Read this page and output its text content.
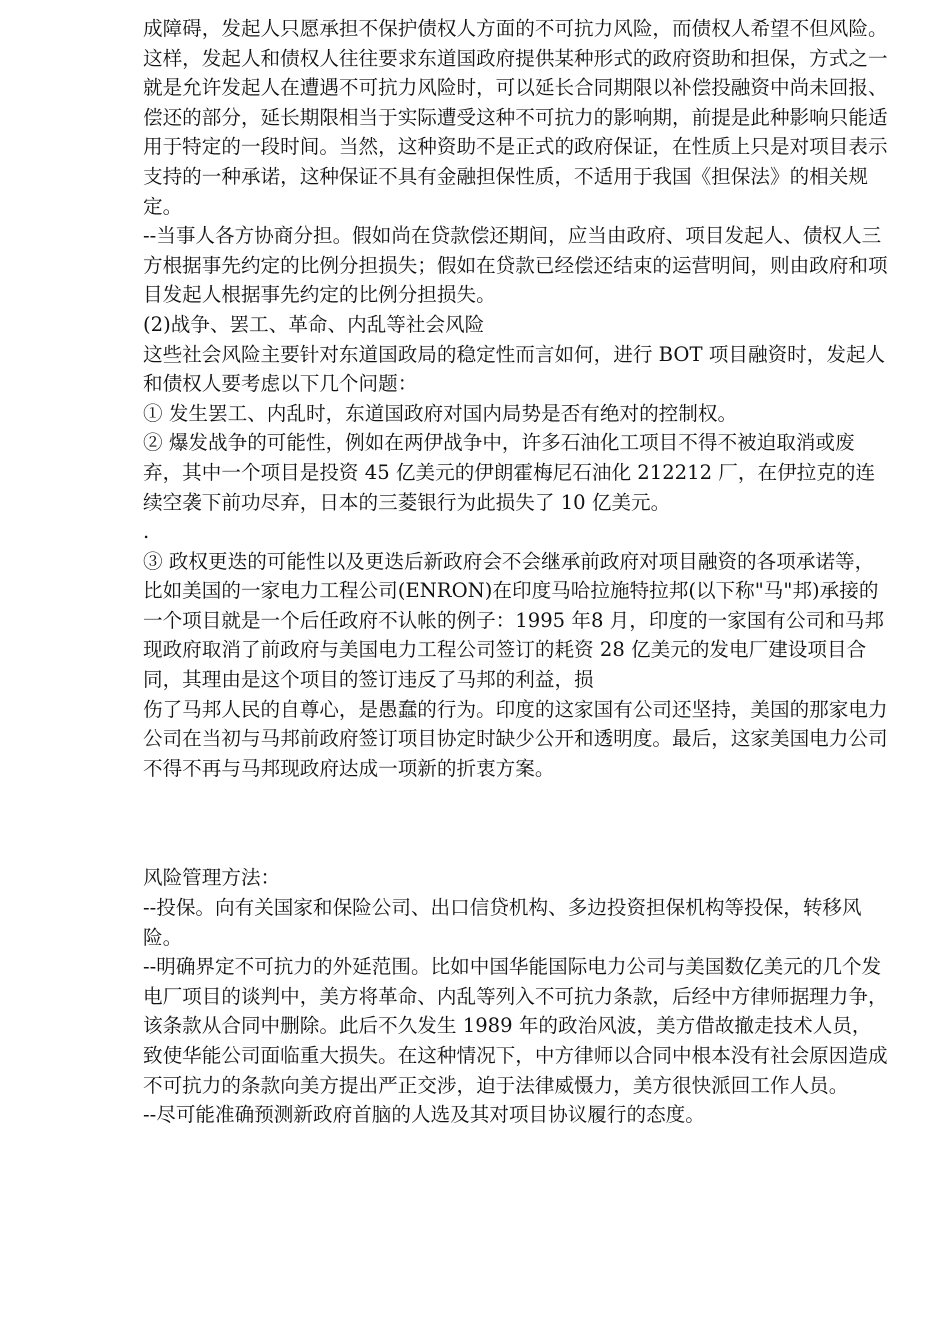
成障碍，发起人只愿承担不保护债权人方面的不可抗力风险，而债权人希望不但风险。这样，发起人和债权人往往要求东道国政府提供某种形式的政府资助和担保，方式之一就是允许发起人在遭遇不可抗力风险时，可以延长合同期限以补偿投融资中尚未回报、偿还的部分，延长期限相当于实际遭受这种不可抗力的影响期，前提是此种影响只能适用于特定的一段时间。当然，这种资助不是正式的政府保证，在性质上只是对项目表示支持的一种承诺，这种保证不具有金融担保性质，不适用于我国《担保法》的相关规定。

--当事人各方协商分担。假如尚在贷款偿还期间，应当由政府、项目发起人、债权人三方根据事先约定的比例分担损失；假如在贷款已经偿还结束的运营明间，则由政府和项目发起人根据事先约定的比例分担损失。

(2)战争、罢工、革命、内乱等社会风险

这些社会风险主要针对东道国政局的稳定性而言如何，进行 BOT 项目融资时，发起人和债权人要考虑以下几个问题：

① 发生罢工、内乱时，东道国政府对国内局势是否有绝对的控制权。

② 爆发战争的可能性，例如在两伊战争中，许多石油化工项目不得不被迫取消或废弃，其中一个项目是投资 45 亿美元的伊朗霍梅尼石油化 212212 厂，在伊拉克的连续空袭下前功尽弃，日本的三菱银行为此损失了 10 亿美元。

.

③ 政权更迭的可能性以及更迭后新政府会不会继承前政府对项目融资的各项承诺等，比如美国的一家电力工程公司(ENRON)在印度马哈拉施特拉邦(以下称"马"邦)承接的一个项目就是一个后任政府不认帐的例子：1995 年8 月，印度的一家国有公司和马邦现政府取消了前政府与美国电力工程公司签订的耗资 28 亿美元的发电厂建设项目合同，其理由是这个项目的签订违反了马邦的利益，损

伤了马邦人民的自尊心，是愚蠢的行为。印度的这家国有公司还坚持，美国的那家电力公司在当初与马邦前政府签订项目协定时缺少公开和透明度。最后，这家美国电力公司不得不再与马邦现政府达成一项新的折衷方案。

风险管理方法：

--投保。向有关国家和保险公司、出口信贷机构、多边投资担保机构等投保，转移风险。

--明确界定不可抗力的外延范围。比如中国华能国际电力公司与美国数亿美元的几个发电厂项目的谈判中，美方将革命、内乱等列入不可抗力条款，后经中方律师据理力争，该条款从合同中删除。此后不久发生 1989 年的政治风波，美方借故撤走技术人员，致使华能公司面临重大损失。在这种情况下，中方律师以合同中根本没有社会原因造成不可抗力的条款向美方提出严正交涉，迫于法律威慑力，美方很快派回工作人员。

--尽可能准确预测新政府首脑的人选及其对项目协议履行的态度。
